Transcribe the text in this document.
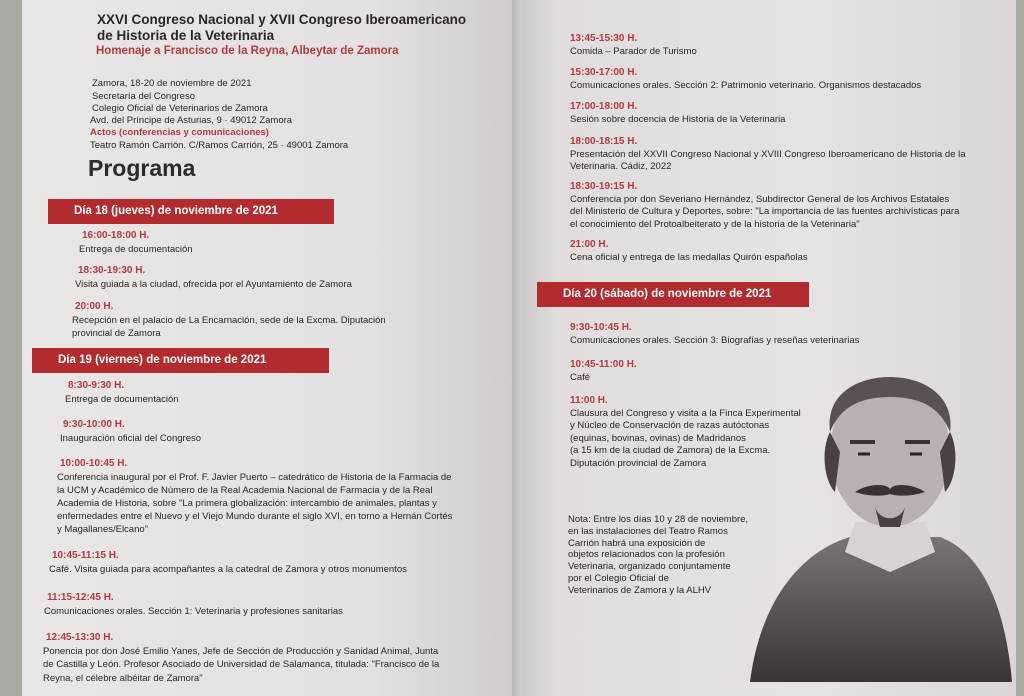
XXVI Congreso Nacional y XVII Congreso Iberoamericano
de Historia de la Veterinaria
Homenaje a Francisco de la Reyna, Albeytar de Zamora
Zamora, 18-20 de noviembre de 2021
Secretaría del Congreso
Colegio Oficial de Veterinarios de Zamora
Avd. del Príncipe de Asturias, 9 · 49012 Zamora
Actos (conferencias y comunicaciones)
Teatro Ramón Carrión. C/Ramos Carrión, 25 · 49001 Zamora
Programa
Día 18 (jueves) de noviembre de 2021
Día 19 (viernes) de noviembre de 2021
Día 20 (sábado) de noviembre de 2021
16:00-18:00 H.
Entrega de documentación
18:30-19:30 H.
Visita guiada a la ciudad, ofrecida por el Ayuntamiento de Zamora
20:00 H.
Recepción en el palacio de La Encarnación, sede de la Excma. Diputación
provincial de Zamora
8:30-9:30 H.
Entrega de documentación
9:30-10:00 H.
Inauguración oficial del Congreso
10:00-10:45 H.
Conferencia inaugural por el Prof. F. Javier Puerto – catedrático de Historia de la Farmacia de
la UCM y Académico de Número de la Real Academia Nacional de Farmacia y de la Real
Academia de Historia, sobre "La primera globalización: intercambio de animales, plantas y
enfermedades entre el Nuevo y el Viejo Mundo durante el siglo XVI, en torno a Hernán Cortés
y Magallanes/Elcano"
10:45-11:15 H.
Café. Visita guiada para acompañantes a la catedral de Zamora y otros monumentos
11:15-12:45 H.
Comunicaciones orales. Sección 1: Veterinaria y profesiones sanitarias
12:45-13:30 H.
Ponencia por don José Emilio Yanes, Jefe de Sección de Producción y Sanidad Animal, Junta
de Castilla y León. Profesor Asociado de Universidad de Salamanca, titulada: "Francisco de la
Reyna, el célebre albéitar de Zamora"
13:45-15:30 H.
Comida – Parador de Turismo
15:30-17:00 H.
Comunicaciones orales. Sección 2: Patrimonio veterinario. Organismos destacados
17:00-18:00 H.
Sesión sobre docencia de Historia de la Veterinaria
18:00-18:15 H.
Presentación del XXVII Congreso Nacional y XVIII Congreso Iberoamericano de Historia de la
Veterinaria. Cádiz, 2022
18:30-19:15 H.
Conferencia por don Severiano Hernández, Subdirector General de los Archivos Estatales
del Ministerio de Cultura y Deportes, sobre: "La importancia de las fuentes archivísticas para
el conocimiento del Protoalbeiterato y de la historia de la Veterinaria"
21:00 H.
Cena oficial y entrega de las medallas Quirón españolas
9:30-10:45 H.
Comunicaciones orales. Sección 3: Biografías y reseñas veterinarias
10:45-11:00 H.
Café
11:00 H.
Clausura del Congreso y visita a la Finca Experimental
y Núcleo de Conservación de razas autóctonas
(equinas, bovinas, ovinas) de Madridanos
(a 15 km de la ciudad de Zamora) de la Excma.
Diputación provincial de Zamora
Nota: Entre los días 10 y 28 de noviembre,
en las instalaciones del Teatro Ramos
Carrión habrá una exposición de
objetos relacionados con la profesión
Veterinaria, organizado conjuntamente
por el Colegio Oficial de
Veterinarios de Zamora y la ALHV
